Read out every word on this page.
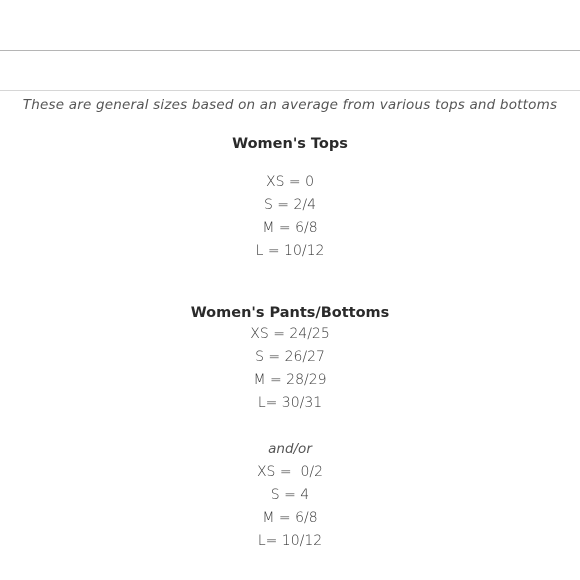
These are general sizes based on an average from various tops and bottoms
Women's Tops
XS = 0
S = 2/4
M = 6/8
L = 10/12
Women's Pants/Bottoms
XS = 24/25
S = 26/27
M = 28/29
L= 30/31
and/or
XS =  0/2
S = 4
M = 6/8
L= 10/12
